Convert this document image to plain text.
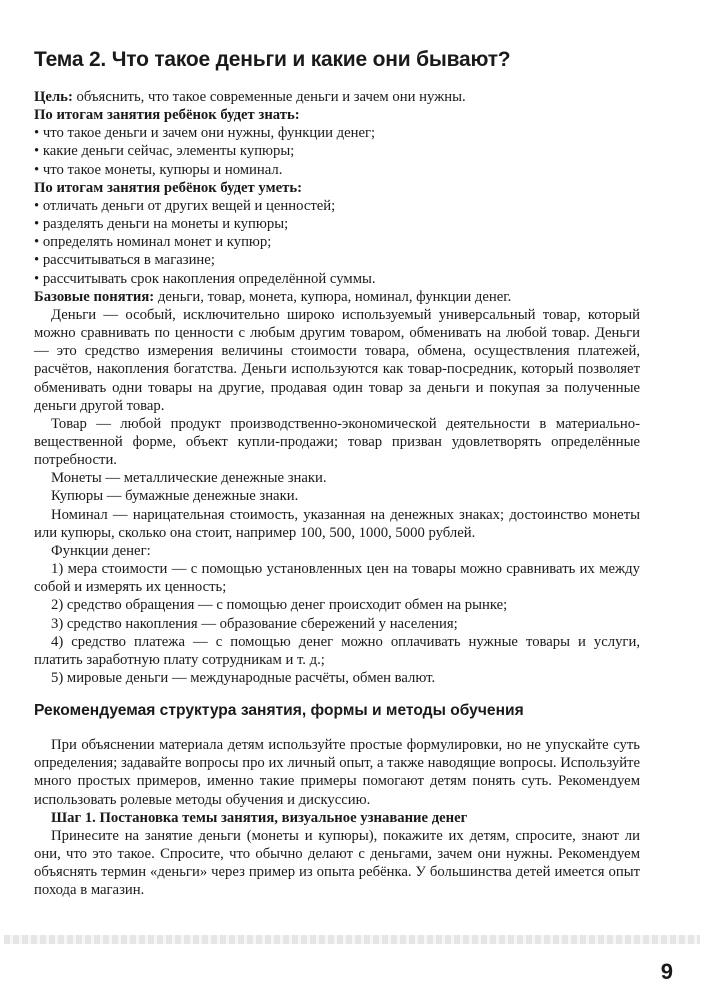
Тема 2. Что такое деньги и какие они бывают?

Цель: объяснить, что такое современные деньги и зачем они нужны.

По итогам занятия ребёнок будет знать:

• что такое деньги и зачем они нужны, функции денег;

• какие деньги сейчас, элементы купюры;

• что такое монеты, купюры и номинал.

По итогам занятия ребёнок будет уметь:

• отличать деньги от других вещей и ценностей;

• разделять деньги на монеты и купюры;

• определять номинал монет и купюр;

• рассчитываться в магазине;

• рассчитывать срок накопления определённой суммы.

Базовые понятия: деньги, товар, монета, купюра, номинал, функции денег.

Деньги — особый, исключительно широко используемый универсальный товар, который можно сравнивать по ценности с любым другим товаром, обменивать на любой товар. Деньги — это средство измерения величины стоимости товара, обмена, осуществления платежей, расчётов, накопления богатства. Деньги используются как товар-посредник, который позволяет обменивать одни товары на другие, продавая один товар за деньги и покупая за полученные деньги другой товар.

Товар — любой продукт производственно-экономической деятельности в материально-вещественной форме, объект купли-продажи; товар призван удовлетворять определённые потребности.

Монеты — металлические денежные знаки.

Купюры — бумажные денежные знаки.

Номинал — нарицательная стоимость, указанная на денежных знаках; достоинство монеты или купюры, сколько она стоит, например 100, 500, 1000, 5000 рублей.

Функции денег:

1) мера стоимости — с помощью установленных цен на товары можно сравнивать их между собой и измерять их ценность;

2) средство обращения — с помощью денег происходит обмен на рынке;

3) средство накопления — образование сбережений у населения;

4) средство платежа — с помощью денег можно оплачивать нужные товары и услуги, платить заработную плату сотрудникам и т. д.;

5) мировые деньги — международные расчёты, обмен валют.

Рекомендуемая структура занятия, формы и методы обучения

При объяснении материала детям используйте простые формулировки, но не упускайте суть определения; задавайте вопросы про их личный опыт, а также наводящие вопросы. Используйте много простых примеров, именно такие примеры помогают детям понять суть. Рекомендуем использовать ролевые методы обучения и дискуссию.

Шаг 1. Постановка темы занятия, визуальное узнавание денег

Принесите на занятие деньги (монеты и купюры), покажите их детям, спросите, знают ли они, что это такое. Спросите, что обычно делают с деньгами, зачем они нужны. Рекомендуем объяснять термин «деньги» через пример из опыта ребёнка. У большинства детей имеется опыт похода в магазин.

9
